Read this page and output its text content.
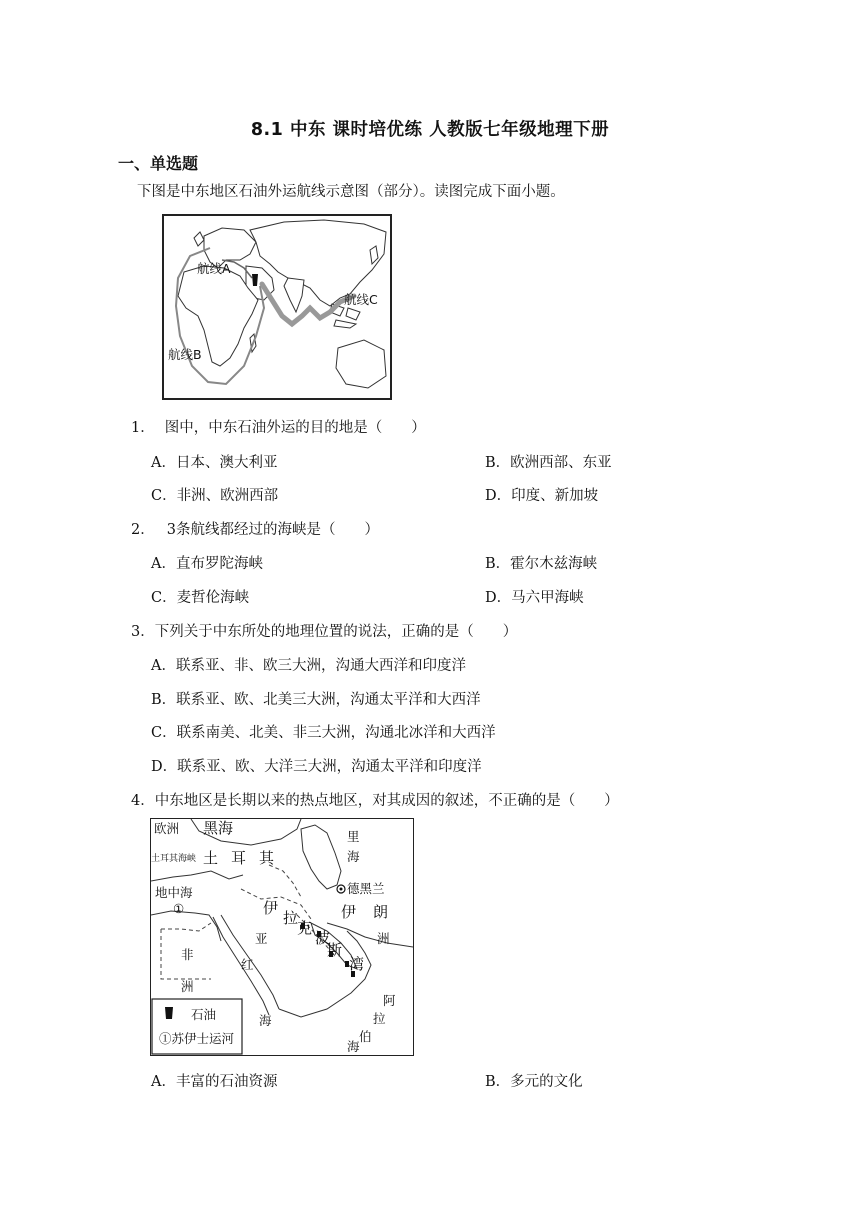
8.1 中东 课时培优练 人教版七年级地理下册
一、单选题
下图是中东地区石油外运航线示意图（部分）。读图完成下面小题。
航线A
航线B
航线C
1． 图中，中东石油外运的目的地是（　　）
A．日本、澳大利亚	B．欧洲西部、东亚
C．非洲、欧洲西部	D．印度、新加坡
2． 3条航线都经过的海峡是（　　）
A．直布罗陀海峡	B．霍尔木兹海峡
C．麦哲伦海峡	D．马六甲海峡
3．下列关于中东所处的地理位置的说法，正确的是（　　）
A．联系亚、非、欧三大洲，沟通大西洋和印度洋
B．联系亚、欧、北美三大洲，沟通太平洋和大西洋
C．联系南美、北美、非三大洲，沟通北冰洋和大西洋
D．联系亚、欧、大洋三大洲，沟通太平洋和印度洋
4．中东地区是长期以来的热点地区，对其成因的叙述，不正确的是（　　）
欧洲 黑海
土耳其海峡 土 耳 其
里
海
地中海
①
德黑兰
伊
拉
克
伊 朗
非
洲
亚	洲
红
海
波
斯
湾
阿
拉
伯
海
石油
①苏伊士运河
A．丰富的石油资源	B．多元的文化
